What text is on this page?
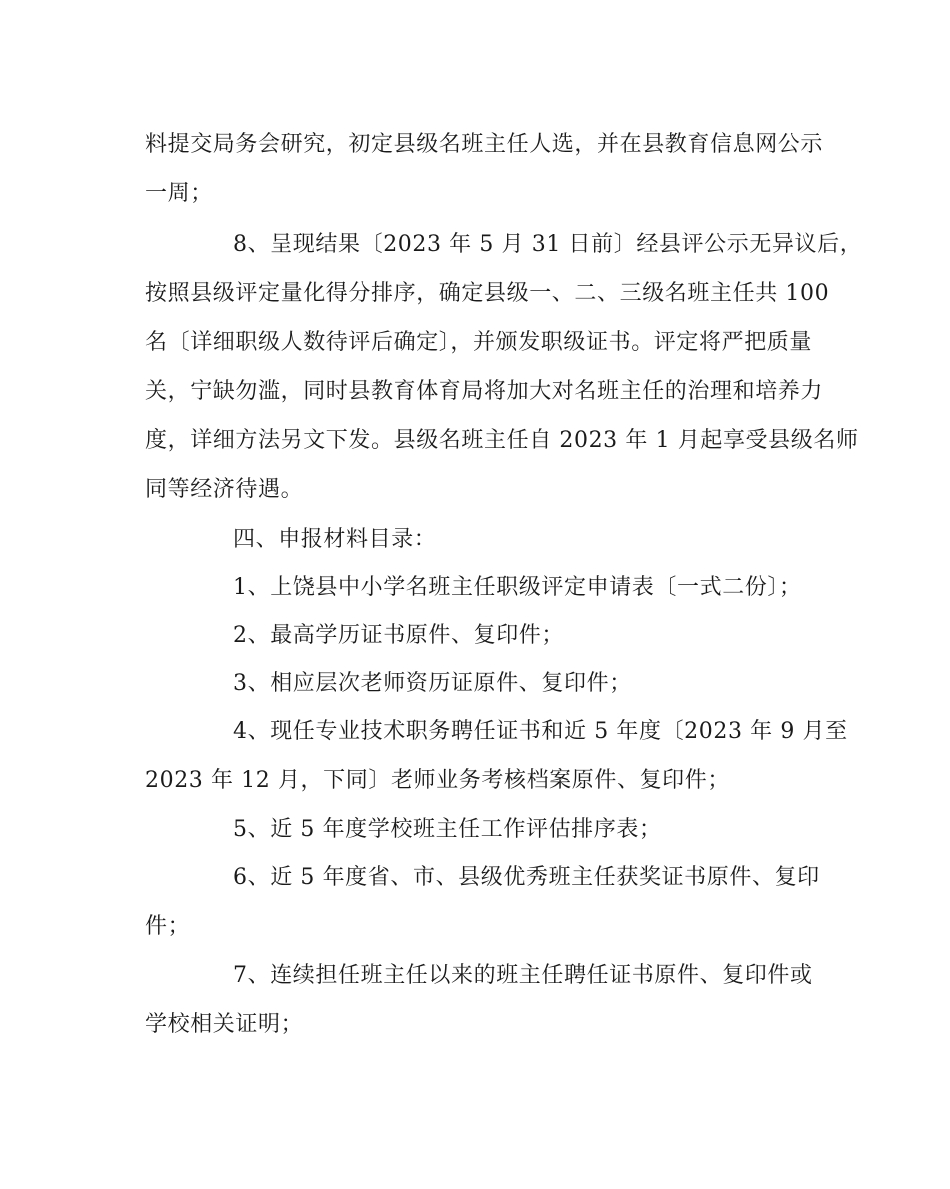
料提交局务会研究，初定县级名班主任人选，并在县教育信息网公示
一周；
8、呈现结果〔2023 年 5 月 31 日前〕经县评公示无异议后，
按照县级评定量化得分排序，确定县级一、二、三级名班主任共 100
名〔详细职级人数待评后确定〕，并颁发职级证书。评定将严把质量
关，宁缺勿滥，同时县教育体育局将加大对名班主任的治理和培养力
度，详细方法另文下发。县级名班主任自 2023 年 1 月起享受县级名师
同等经济待遇。
四、申报材料目录：
1、上饶县中小学名班主任职级评定申请表〔一式二份〕；
2、最高学历证书原件、复印件；
3、相应层次老师资历证原件、复印件；
4、现任专业技术职务聘任证书和近 5 年度〔2023 年 9 月至
2023 年 12 月，下同〕老师业务考核档案原件、复印件；
5、近 5 年度学校班主任工作评估排序表；
6、近 5 年度省、市、县级优秀班主任获奖证书原件、复印
件；
7、连续担任班主任以来的班主任聘任证书原件、复印件或
学校相关证明；
